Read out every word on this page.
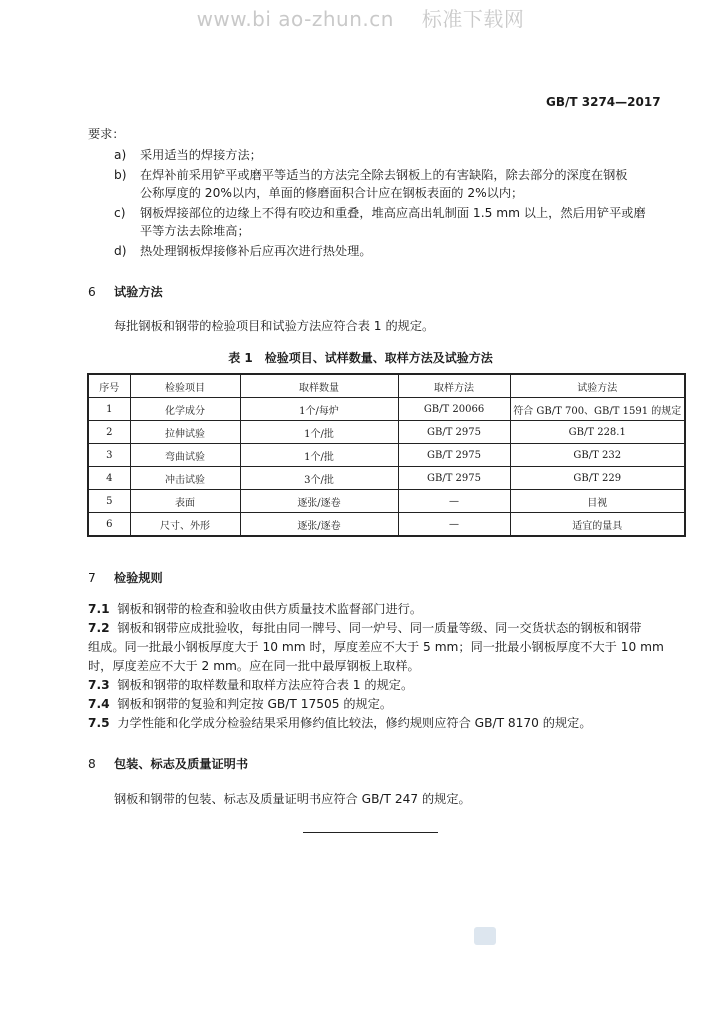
www.bi ao-zhun.cn 标准下载网
GB/T 3274—2017
要求：
a) 采用适当的焊接方法；
b) 在焊补前采用铲平或磨平等适当的方法完全除去钢板上的有害缺陷，除去部分的深度在钢板
公称厚度的 20%以内，单面的修磨面积合计应在钢板表面的 2%以内；
c) 钢板焊接部位的边缘上不得有咬边和重叠，堆高应高出轧制面 1.5 mm 以上，然后用铲平或磨
平等方法去除堆高；
d) 热处理钢板焊接修补后应再次进行热处理。
6 试验方法
每批钢板和钢带的检验项目和试验方法应符合表 1 的规定。
表 1　检验项目、试样数量、取样方法及试验方法
序号	检验项目	取样数量	取样方法	试验方法
1	化学成分	1个/每炉	GB/T 20066	符合 GB/T 700、GB/T 1591 的规定
2	拉伸试验	1个/批	GB/T 2975	GB/T 228.1
3	弯曲试验	1个/批	GB/T 2975	GB/T 232
4	冲击试验	3个/批	GB/T 2975	GB/T 229
5	表面	逐张/逐卷	—	目视
6	尺寸、外形	逐张/逐卷	—	适宜的量具
7 检验规则
7.1 钢板和钢带的检查和验收由供方质量技术监督部门进行。
7.2 钢板和钢带应成批验收，每批由同一牌号、同一炉号、同一质量等级、同一交货状态的钢板和钢带
组成。同一批最小钢板厚度大于 10 mm 时，厚度差应不大于 5 mm；同一批最小钢板厚度不大于 10 mm
时，厚度差应不大于 2 mm。应在同一批中最厚钢板上取样。
7.3 钢板和钢带的取样数量和取样方法应符合表 1 的规定。
7.4 钢板和钢带的复验和判定按 GB/T 17505 的规定。
7.5 力学性能和化学成分检验结果采用修约值比较法，修约规则应符合 GB/T 8170 的规定。
8 包装、标志及质量证明书
钢板和钢带的包装、标志及质量证明书应符合 GB/T 247 的规定。
